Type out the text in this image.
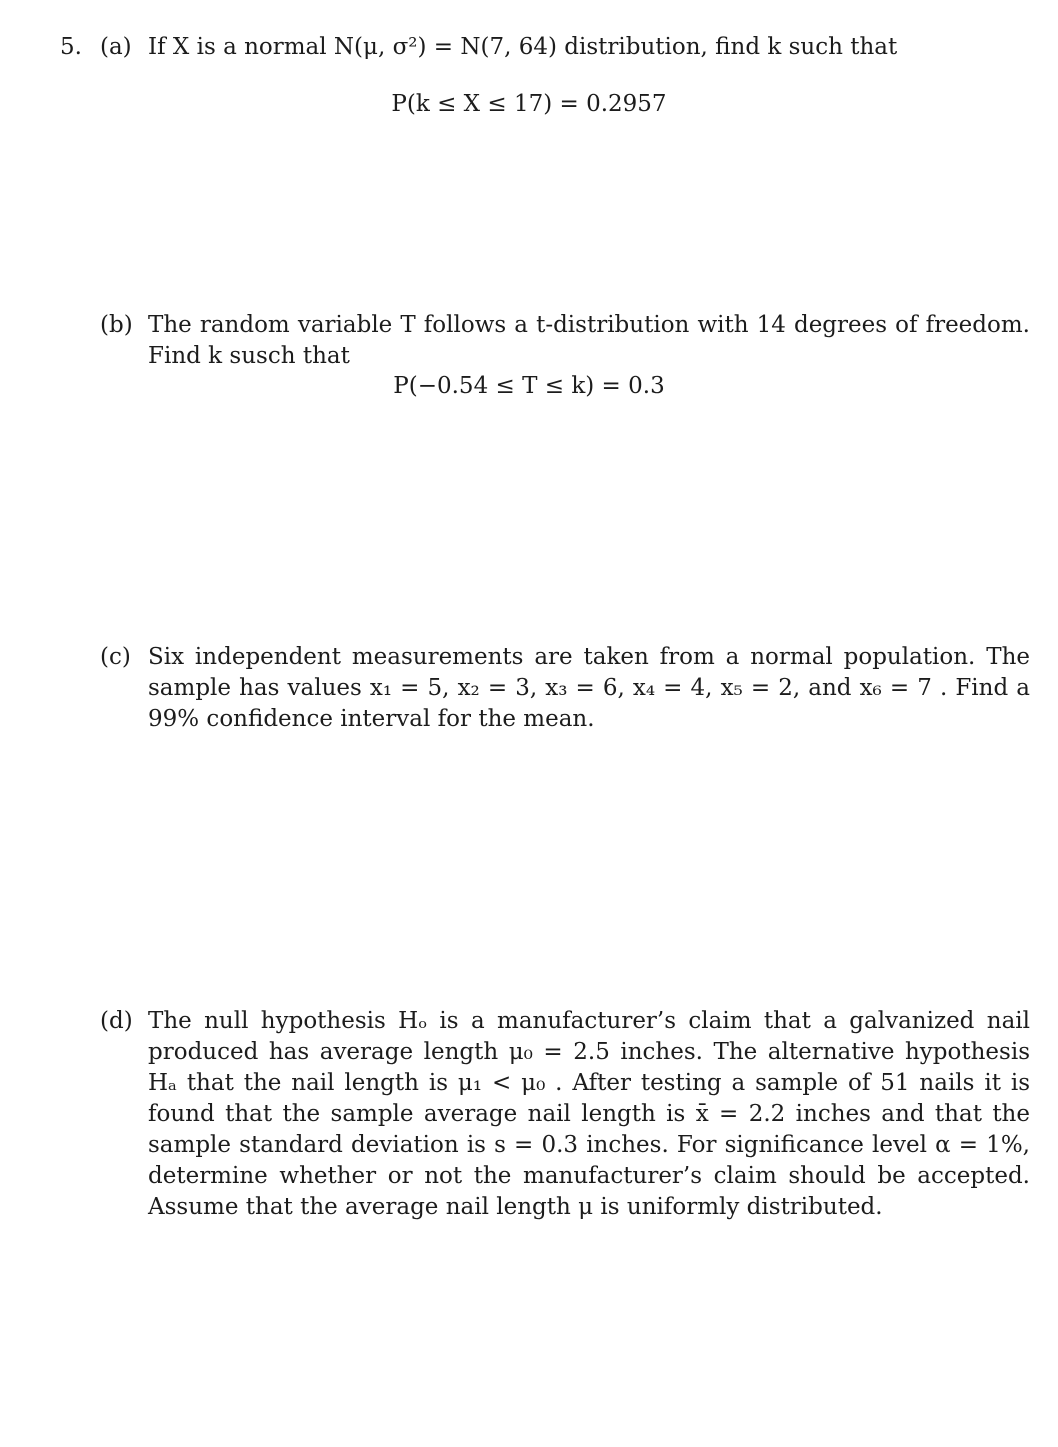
5. (a) If X is a normal N(μ, σ²) = N(7, 64) distribution, find k such that
P(k ≤ X ≤ 17) = 0.2957
(b) The random variable T follows a t-distribution with 14 degrees of freedom. Find k susch that
P(−0.54 ≤ T ≤ k) = 0.3
(c) Six independent measurements are taken from a normal population. The sample has values x₁ = 5, x₂ = 3, x₃ = 6, x₄ = 4, x₅ = 2, and x₆ = 7 . Find a 99% confidence interval for the mean.
(d) The null hypothesis Hₒ is a manufacturer’s claim that a galvanized nail produced has average length μ₀ = 2.5 inches. The alternative hypothesis Hₐ that the nail length is μ₁ < μ₀ . After testing a sample of 51 nails it is found that the sample average nail length is x̄ = 2.2 inches and that the sample standard deviation is s = 0.3 inches. For significance level α = 1%, determine whether or not the manufacturer’s claim should be accepted. Assume that the average nail length μ is uniformly distributed.
